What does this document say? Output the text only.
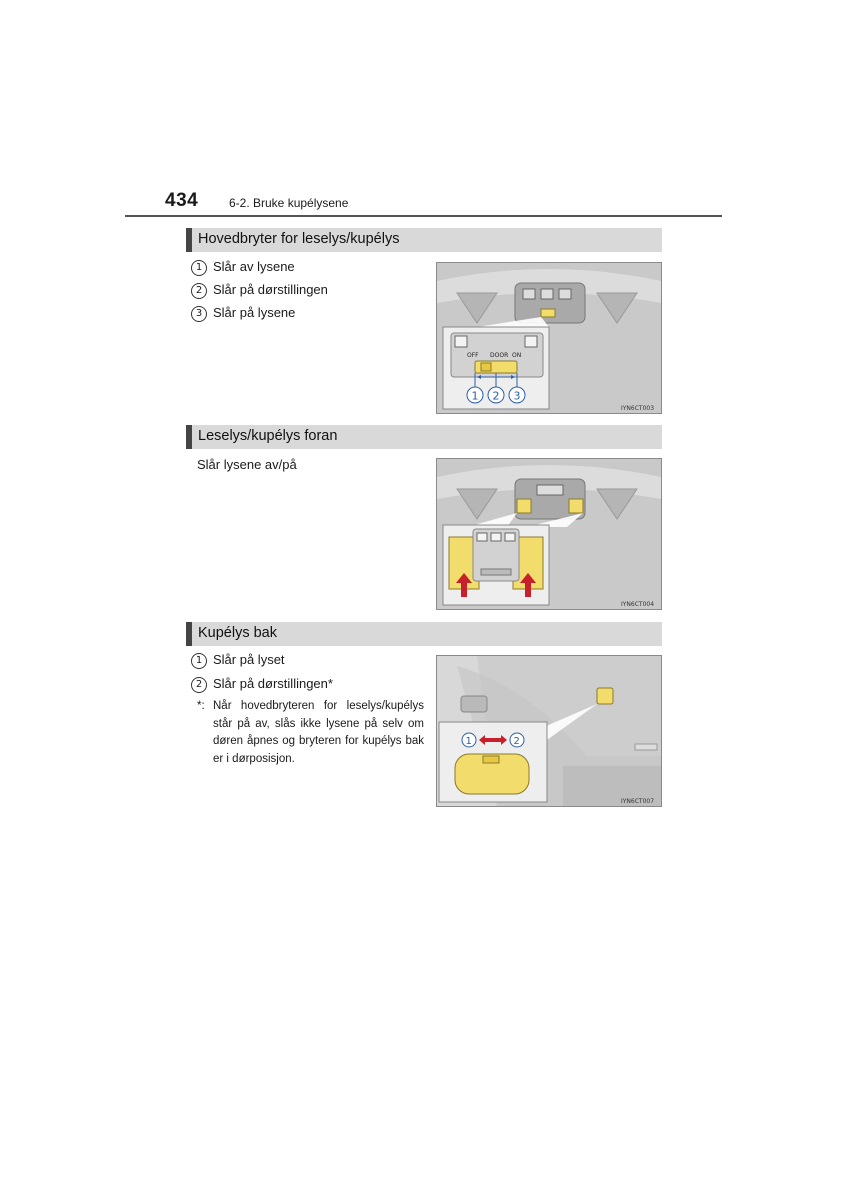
434	6-2. Bruke kupélysene
Hovedbryter for leselys/kupélys
1 Slår av lysene
2 Slår på dørstillingen
3 Slår på lysene
OFF DOOR ON
1 2 3
IYN6CT003
Leselys/kupélys foran
Slår lysene av/på
IYN6CT004
Kupélys bak
1 Slår på lyset
2 Slår på dørstillingen*
*: Når hovedbryteren for leselys/kupélys står på av, slås ikke lysene på selv om døren åpnes og bryteren for kupélys bak er i dørposisjon.
1	2
IYN6CT007
